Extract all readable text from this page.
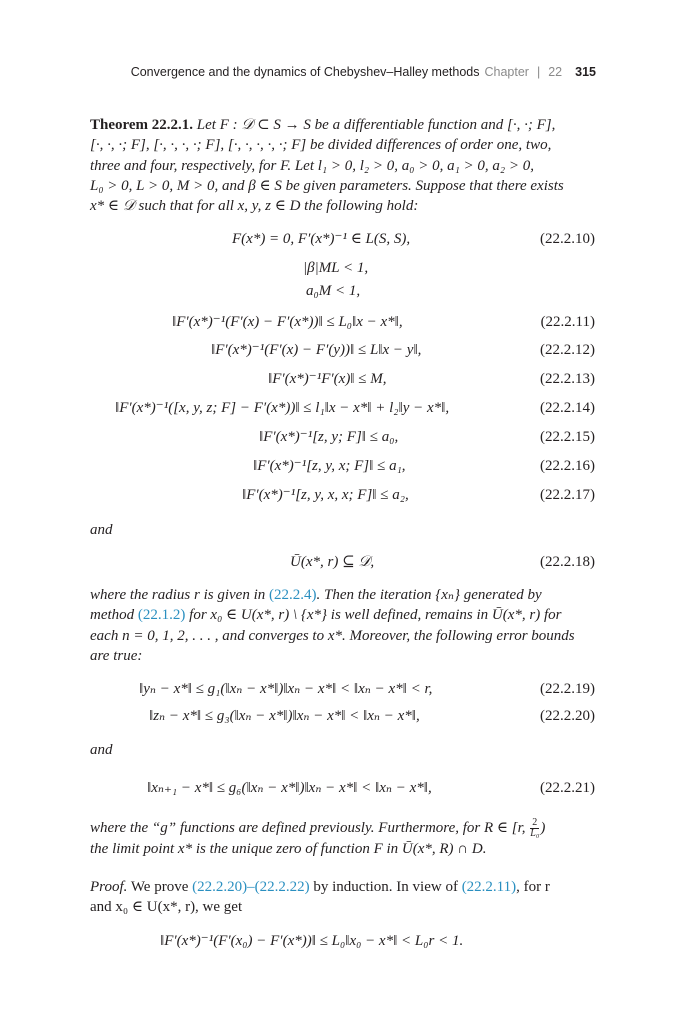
Convergence and the dynamics of Chebyshev–Halley methods Chapter | 22 315
Theorem 22.2.1. Let F : 𝒟 ⊂ S → S be a differentiable function and [·, ·; F],
[·, ·, ·; F], [·, ·, ·, ·; F], [·, ·, ·, ·, ·; F] be divided differences of order one, two,
three and four, respectively, for F. Let l₁ > 0, l₂ > 0, a₀ > 0, a₁ > 0, a₂ > 0,
L₀ > 0, L > 0, M > 0, and β ∈ S be given parameters. Suppose that there exists
x* ∈ 𝒟 such that for all x, y, z ∈ D the following hold:
F(x*) = 0, F′(x*)⁻¹ ∈ L(S, S),	(22.2.10)
|β|ML < 1,
a₀M < 1,
‖F′(x*)⁻¹(F′(x) − F′(x*))‖ ≤ L₀‖x − x*‖,	(22.2.11)
‖F′(x*)⁻¹(F′(x) − F′(y))‖ ≤ L‖x − y‖,	(22.2.12)
‖F′(x*)⁻¹F′(x)‖ ≤ M,	(22.2.13)
‖F′(x*)⁻¹([x, y, z; F] − F′(x*))‖ ≤ l₁‖x − x*‖ + l₂‖y − x*‖,	(22.2.14)
‖F′(x*)⁻¹[z, y; F]‖ ≤ a₀,	(22.2.15)
‖F′(x*)⁻¹[z, y, x; F]‖ ≤ a₁,	(22.2.16)
‖F′(x*)⁻¹[z, y, x, x; F]‖ ≤ a₂,	(22.2.17)
and
Ū(x*, r) ⊆ 𝒟,	(22.2.18)
where the radius r is given in (22.2.4). Then the iteration {xₙ} generated by
method (22.1.2) for x₀ ∈ U(x*, r) \ {x*} is well defined, remains in Ū(x*, r) for
each n = 0, 1, 2, . . . , and converges to x*. Moreover, the following error bounds
are true:
‖yₙ − x*‖ ≤ g₁(‖xₙ − x*‖)‖xₙ − x*‖ < ‖xₙ − x*‖ < r,	(22.2.19)
‖zₙ − x*‖ ≤ g₃(‖xₙ − x*‖)‖xₙ − x*‖ < ‖xₙ − x*‖,	(22.2.20)
and
‖xₙ₊₁ − x*‖ ≤ g₆(‖xₙ − x*‖)‖xₙ − x*‖ < ‖xₙ − x*‖,	(22.2.21)
where the “g” functions are defined previously. Furthermore, for R ∈ [r, $\frac{2}{\text{L₀}}$ )
the limit point x* is the unique zero of function F in Ū(x*, R) ∩ D.
Proof. We prove (22.2.20)–(22.2.22) by induction. In view of (22.2.11), for r
and x₀ ∈ U(x*, r), we get
‖F′(x*)⁻¹(F′(x₀) − F′(x*))‖ ≤ L₀‖x₀ − x*‖ < L₀r < 1.
